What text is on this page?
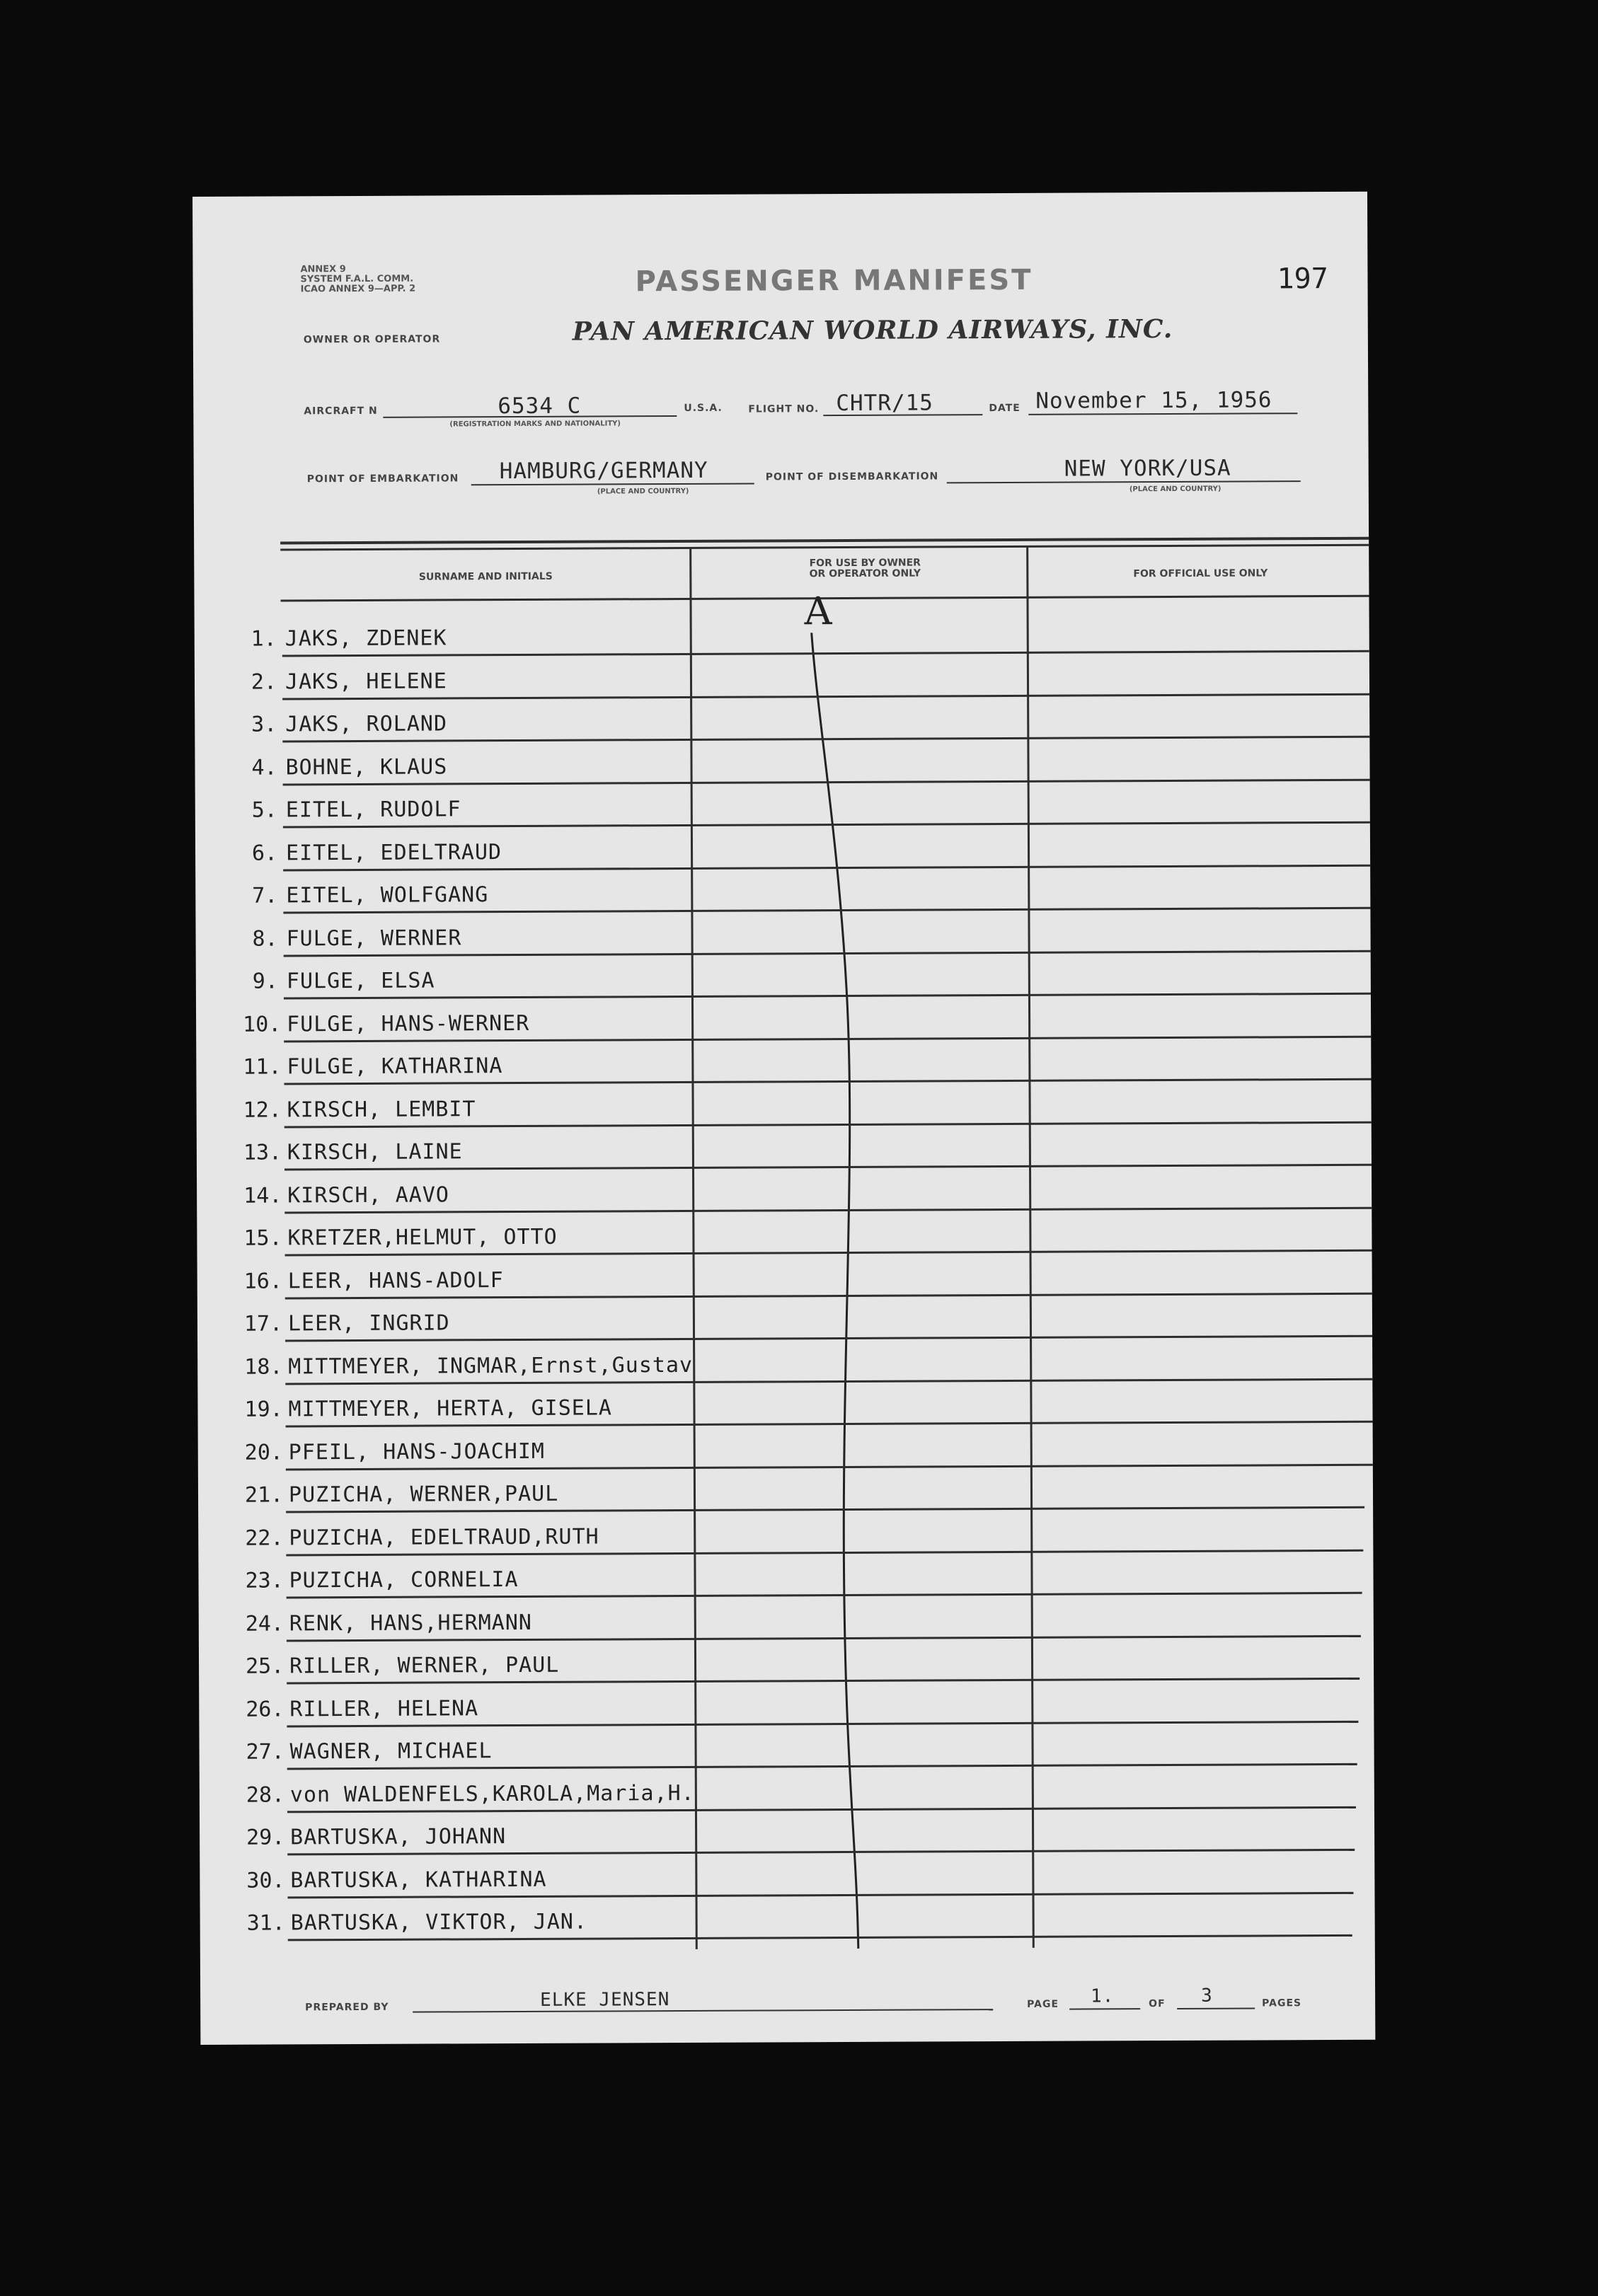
ANNEX 9
SYSTEM F.A.L. COMM.
ICAO ANNEX 9—APP. 2	PASSENGER MANIFEST	197
OWNER OR OPERATOR	PAN AMERICAN WORLD AIRWAYS, INC.
AIRCRAFT N	6534 C
(REGISTRATION MARKS AND NATIONALITY)
U.S.A.	FLIGHT NO. CHTR/15	DATE November 15, 1956
POINT OF EMBARKATION HAMBURG/GERMANY
(PLACE AND COUNTRY)
POINT OF DISEMBARKATION	NEW YORK/USA
(PLACE AND COUNTRY)
SURNAME AND INITIALS
FOR USE BY OWNER OR OPERATOR ONLY	FOR OFFICIAL USE ONLY
A
1. JAKS, ZDENEK
2. JAKS, HELENE
3. JAKS, ROLAND
4. BOHNE, KLAUS
5. EITEL, RUDOLF
6. EITEL, EDELTRAUD
7. EITEL, WOLFGANG
8. FULGE, WERNER
9. FULGE, ELSA
10. FULGE, HANS-WERNER
11. FULGE, KATHARINA
12. KIRSCH, LEMBIT
13. KIRSCH, LAINE
14. KIRSCH, AAVO
15. KRETZER,HELMUT, OTTO
16. LEER, HANS-ADOLF
17. LEER, INGRID
18. MITTMEYER, INGMAR,Ernst,Gustav
19. MITTMEYER, HERTA, GISELA
20. PFEIL, HANS-JOACHIM
21. PUZICHA, WERNER,PAUL
22. PUZICHA, EDELTRAUD,RUTH
23. PUZICHA, CORNELIA
24. RENK, HANS,HERMANN
25. RILLER, WERNER, PAUL
26. RILLER, HELENA
27. WAGNER, MICHAEL
28. von WALDENFELS,KAROLA,Maria,H.
29. BARTUSKA, JOHANN
30. BARTUSKA, KATHARINA
31. BARTUSKA, VIKTOR, JAN.
PREPARED BY	ELKE JENSEN	PAGE 1.	OF 3	PAGES
